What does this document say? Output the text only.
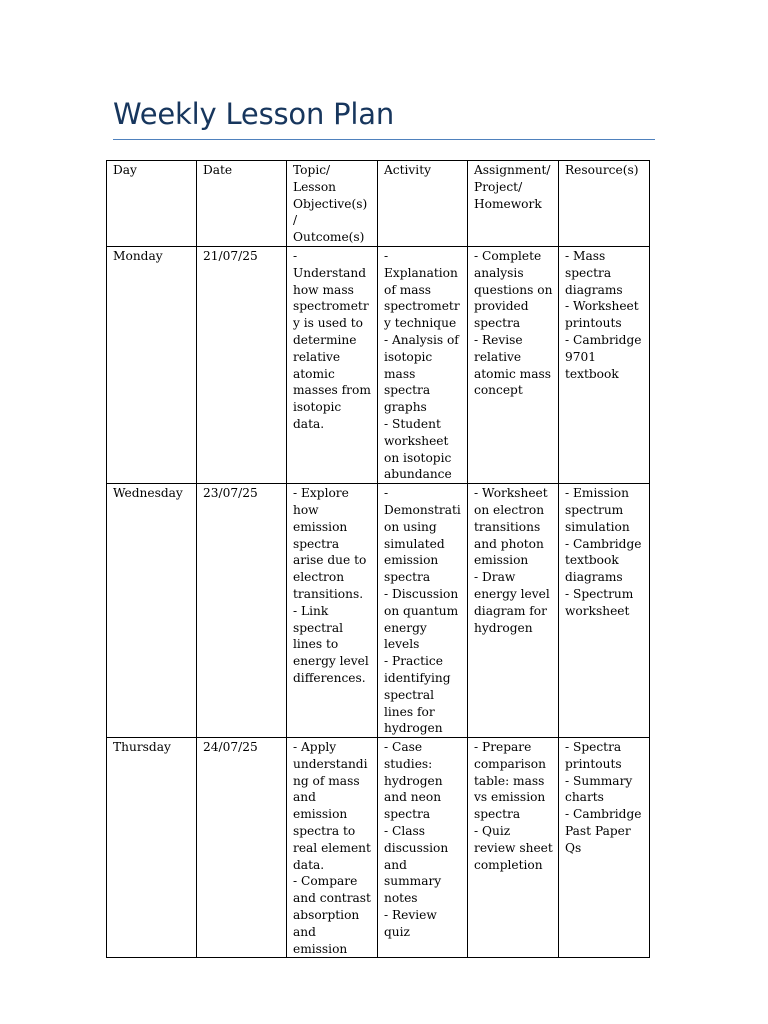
Weekly Lesson Plan
Day	Date	Topic/
Lesson
Objective(s)
/
Outcome(s)	Activity	Assignment/
Project/
Homework	Resource(s)
Monday	21/07/25	-
Understand how mass spectrometry is used to determine relative atomic masses from isotopic data.	-
Explanation of mass spectrometry technique
- Analysis of isotopic mass spectra graphs
- Student worksheet on isotopic abundance	- Complete analysis questions on provided spectra
- Revise relative atomic mass concept	- Mass spectra diagrams
- Worksheet printouts
- Cambridge 9701 textbook
Wednesday	23/07/25	- Explore how emission spectra arise due to electron transitions.
- Link spectral lines to energy level differences.	-
Demonstration using simulated emission spectra
- Discussion on quantum energy levels
- Practice identifying spectral lines for hydrogen	- Worksheet on electron transitions and photon emission
- Draw energy level diagram for hydrogen	- Emission spectrum simulation
- Cambridge textbook diagrams
- Spectrum worksheet
Thursday	24/07/25	- Apply understanding of mass and emission spectra to real element data.
- Compare and contrast absorption and emission	- Case studies: hydrogen and neon spectra
- Class discussion and summary notes
- Review quiz	- Prepare comparison table: mass vs emission spectra
- Quiz review sheet completion	- Spectra printouts
- Summary charts
- Cambridge Past Paper Qs
